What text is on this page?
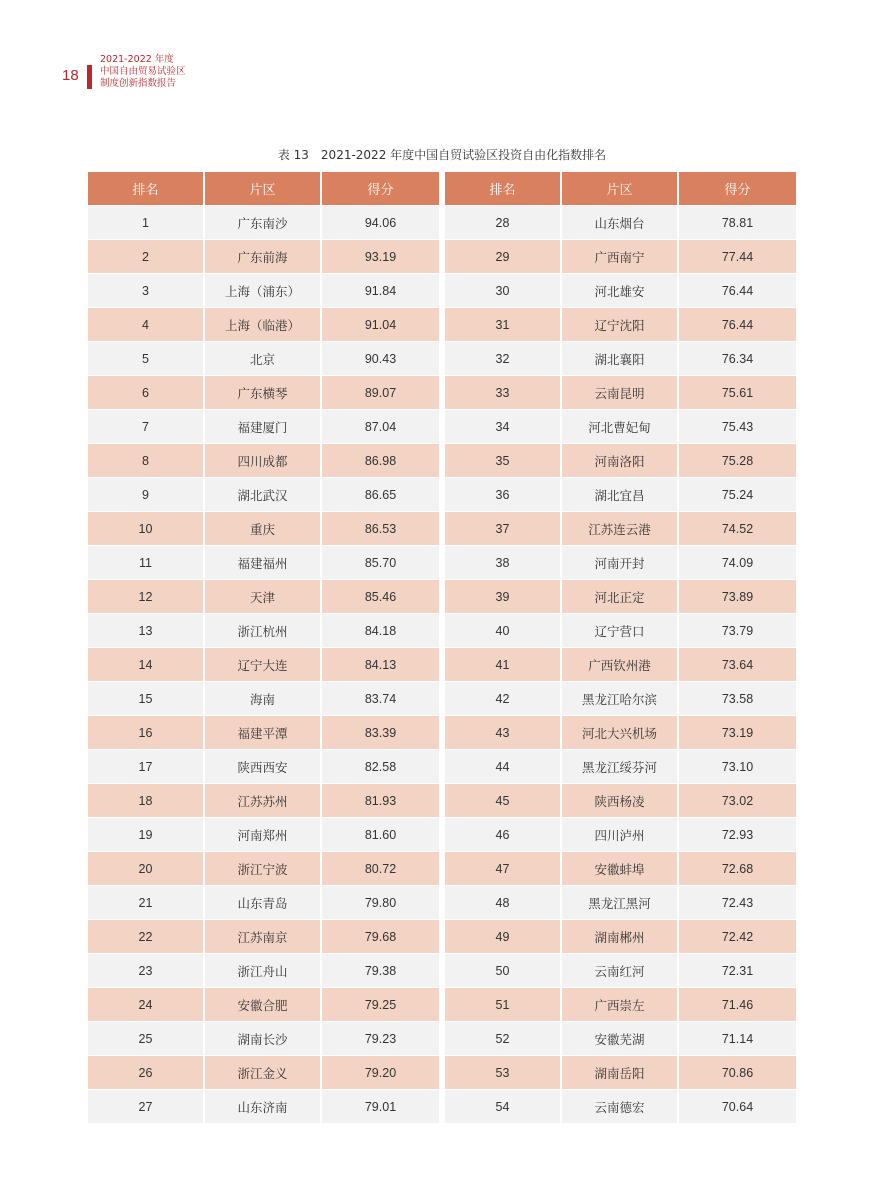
18
2021-2022 年度
中国自由贸易试验区
制度创新指数报告
表 13 2021-2022 年度中国自贸试验区投资自由化指数排名
排名	片区	得分
1	广东南沙	94.06
2	广东前海	93.19
3	上海（浦东）	91.84
4	上海（临港）	91.04
5	北京	90.43
6	广东横琴	89.07
7	福建厦门	87.04
8	四川成都	86.98
9	湖北武汉	86.65
10	重庆	86.53
11	福建福州	85.70
12	天津	85.46
13	浙江杭州	84.18
14	辽宁大连	84.13
15	海南	83.74
16	福建平潭	83.39
17	陕西西安	82.58
18	江苏苏州	81.93
19	河南郑州	81.60
20	浙江宁波	80.72
21	山东青岛	79.80
22	江苏南京	79.68
23	浙江舟山	79.38
24	安徽合肥	79.25
25	湖南长沙	79.23
26	浙江金义	79.20
27	山东济南	79.01
排名	片区	得分
28	山东烟台	78.81
29	广西南宁	77.44
30	河北雄安	76.44
31	辽宁沈阳	76.44
32	湖北襄阳	76.34
33	云南昆明	75.61
34	河北曹妃甸	75.43
35	河南洛阳	75.28
36	湖北宜昌	75.24
37	江苏连云港	74.52
38	河南开封	74.09
39	河北正定	73.89
40	辽宁营口	73.79
41	广西钦州港	73.64
42	黑龙江哈尔滨	73.58
43	河北大兴机场	73.19
44	黑龙江绥芬河	73.10
45	陕西杨凌	73.02
46	四川泸州	72.93
47	安徽蚌埠	72.68
48	黑龙江黑河	72.43
49	湖南郴州	72.42
50	云南红河	72.31
51	广西崇左	71.46
52	安徽芜湖	71.14
53	湖南岳阳	70.86
54	云南德宏	70.64
